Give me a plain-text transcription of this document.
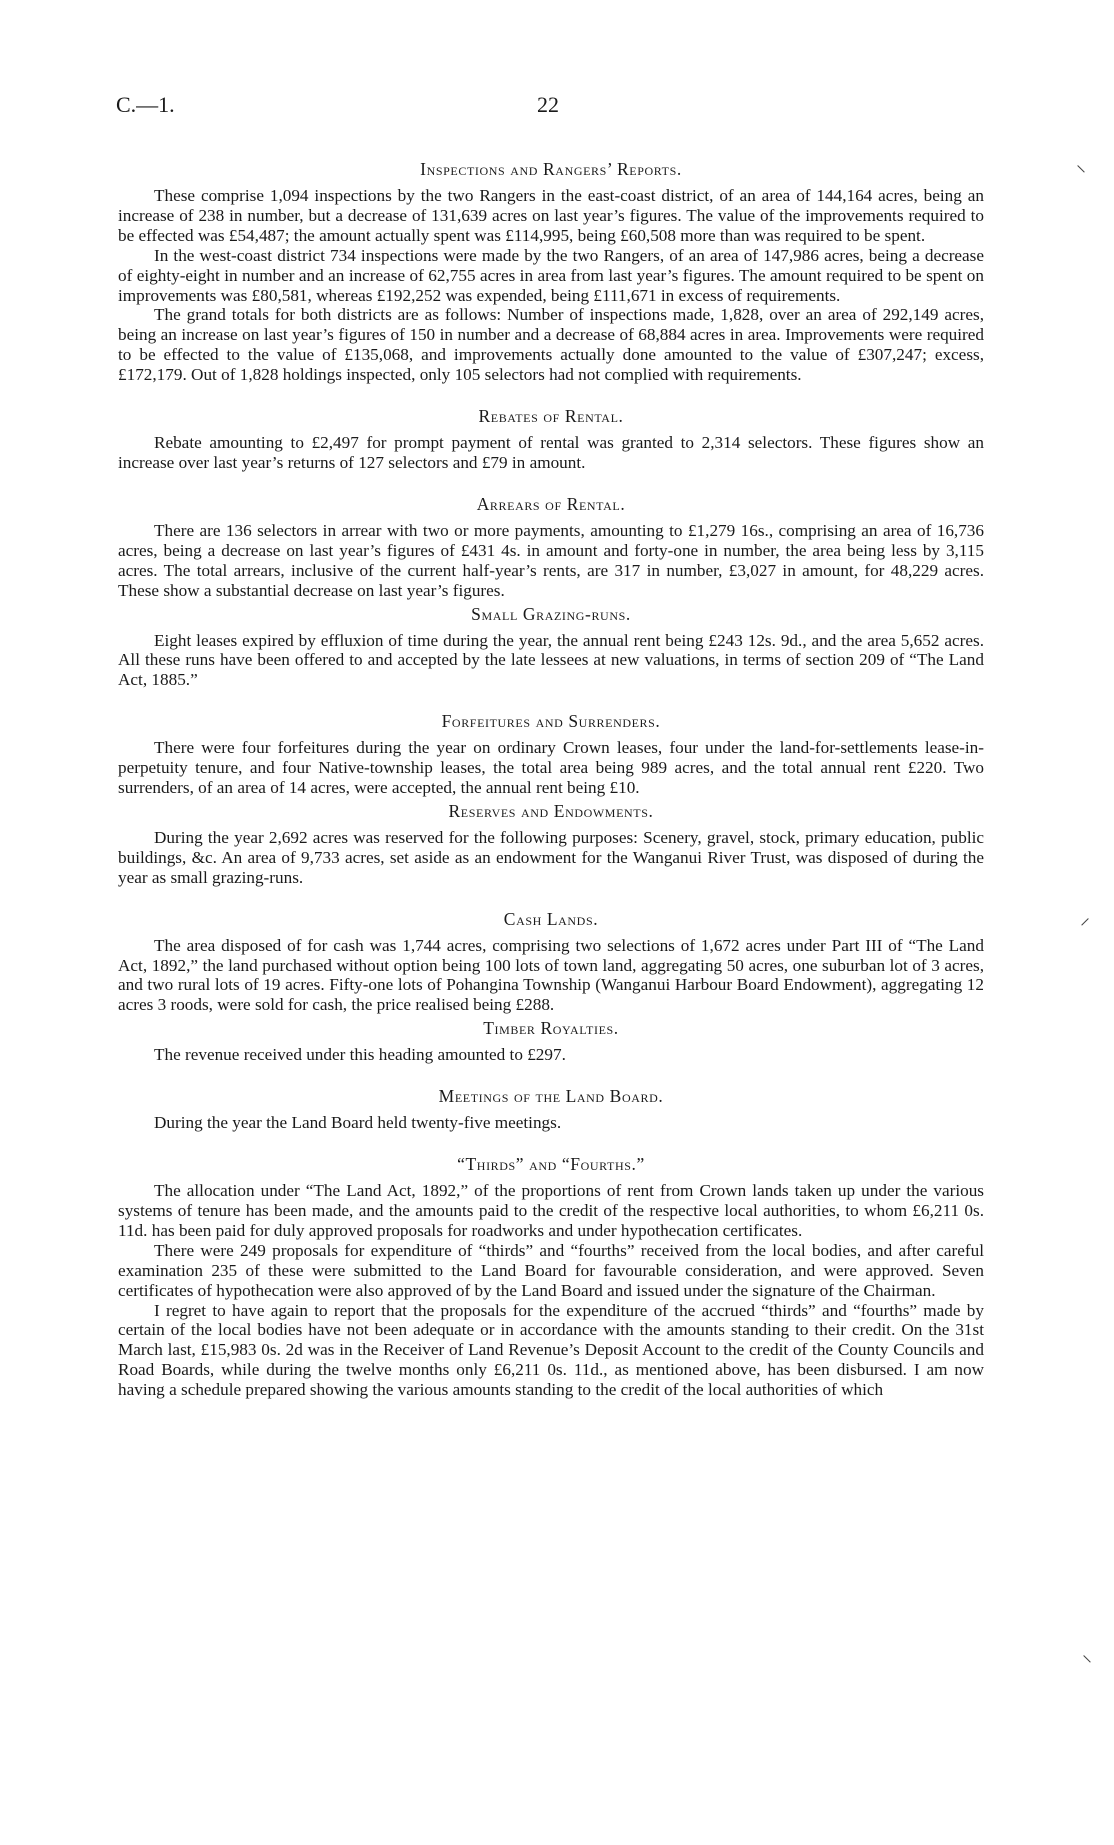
C.—1.	22
⸜
⸝
⸜
Inspections and Rangers’ Reports.

These comprise 1,094 inspections by the two Rangers in the east-coast district, of an area of 144,164 acres, being an increase of 238 in number, but a decrease of 131,639 acres on last year’s figures. The value of the improvements required to be effected was £54,487; the amount actually spent was £114,995, being £60,508 more than was required to be spent.

In the west-coast district 734 inspections were made by the two Rangers, of an area of 147,986 acres, being a decrease of eighty-eight in number and an increase of 62,755 acres in area from last year’s figures. The amount required to be spent on improvements was £80,581, whereas £192,252 was expended, being £111,671 in excess of requirements.

The grand totals for both districts are as follows: Number of inspections made, 1,828, over an area of 292,149 acres, being an increase on last year’s figures of 150 in number and a decrease of 68,884 acres in area. Improvements were required to be effected to the value of £135,068, and improvements actually done amounted to the value of £307,247; excess, £172,179. Out of 1,828 holdings inspected, only 105 selectors had not complied with requirements.

Rebates of Rental.

Rebate amounting to £2,497 for prompt payment of rental was granted to 2,314 selectors. These figures show an increase over last year’s returns of 127 selectors and £79 in amount.

Arrears of Rental.

There are 136 selectors in arrear with two or more payments, amounting to £1,279 16s., comprising an area of 16,736 acres, being a decrease on last year’s figures of £431 4s. in amount and forty-one in number, the area being less by 3,115 acres. The total arrears, inclusive of the current half-year’s rents, are 317 in number, £3,027 in amount, for 48,229 acres. These show a substantial decrease on last year’s figures.

Small Grazing-runs.

Eight leases expired by effluxion of time during the year, the annual rent being £243 12s. 9d., and the area 5,652 acres. All these runs have been offered to and accepted by the late lessees at new valuations, in terms of section 209 of “The Land Act, 1885.”

Forfeitures and Surrenders.

There were four forfeitures during the year on ordinary Crown leases, four under the land-for-settlements lease-in-perpetuity tenure, and four Native-township leases, the total area being 989 acres, and the total annual rent £220. Two surrenders, of an area of 14 acres, were accepted, the annual rent being £10.

Reserves and Endowments.

During the year 2,692 acres was reserved for the following purposes: Scenery, gravel, stock, primary education, public buildings, &c. An area of 9,733 acres, set aside as an endowment for the Wanganui River Trust, was disposed of during the year as small grazing-runs.

Cash Lands.

The area disposed of for cash was 1,744 acres, comprising two selections of 1,672 acres under Part III of “The Land Act, 1892,” the land purchased without option being 100 lots of town land, aggregating 50 acres, one suburban lot of 3 acres, and two rural lots of 19 acres. Fifty-one lots of Pohangina Township (Wanganui Harbour Board Endowment), aggregating 12 acres 3 roods, were sold for cash, the price realised being £288.

Timber Royalties.

The revenue received under this heading amounted to £297.

Meetings of the Land Board.

During the year the Land Board held twenty-five meetings.

“Thirds” and “Fourths.”

The allocation under “The Land Act, 1892,” of the proportions of rent from Crown lands taken up under the various systems of tenure has been made, and the amounts paid to the credit of the respective local authorities, to whom £6,211 0s. 11d. has been paid for duly approved proposals for roadworks and under hypothecation certificates.

There were 249 proposals for expenditure of “thirds” and “fourths” received from the local bodies, and after careful examination 235 of these were submitted to the Land Board for favourable consideration, and were approved. Seven certificates of hypothecation were also approved of by the Land Board and issued under the signature of the Chairman.

I regret to have again to report that the proposals for the expenditure of the accrued “thirds” and “fourths” made by certain of the local bodies have not been adequate or in accordance with the amounts standing to their credit. On the 31st March last, £15,983 0s. 2d was in the Receiver of Land Revenue’s Deposit Account to the credit of the County Councils and Road Boards, while during the twelve months only £6,211 0s. 11d., as mentioned above, has been disbursed. I am now having a schedule prepared showing the various amounts standing to the credit of the local authorities of which
